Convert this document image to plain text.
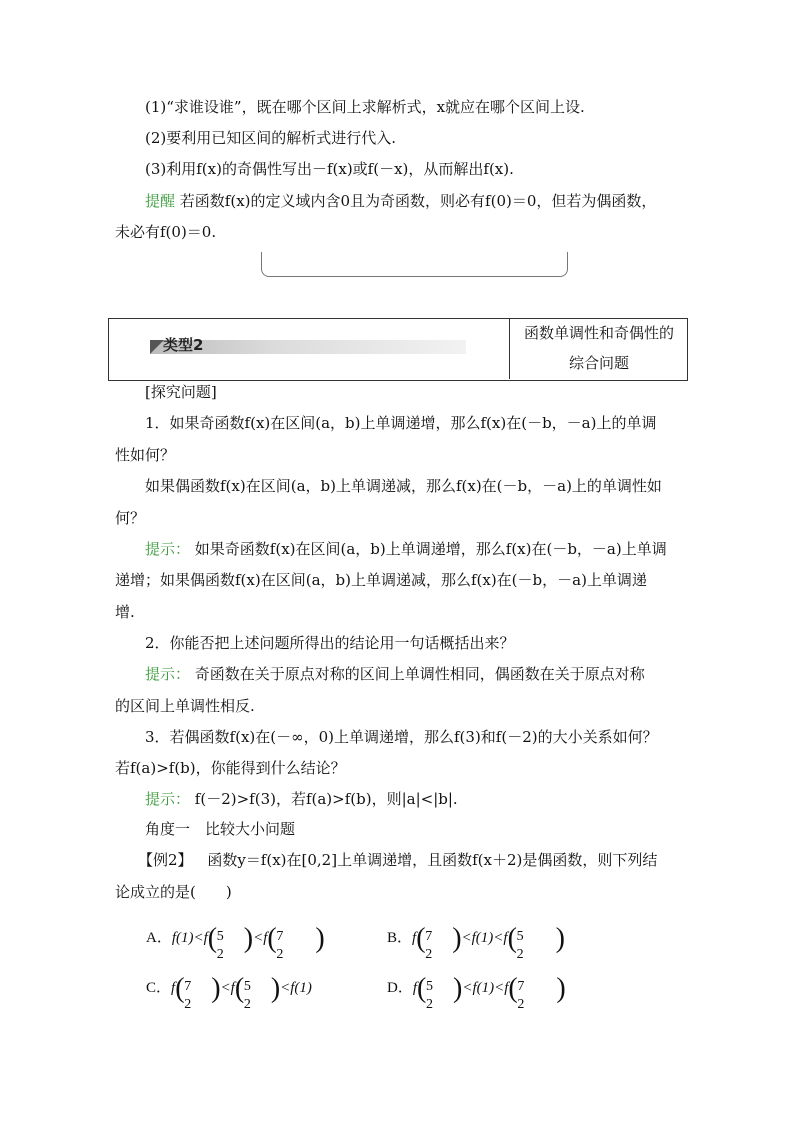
(1)“求谁设谁”，既在哪个区间上求解析式，x就应在哪个区间上设.
(2)要利用已知区间的解析式进行代入.
(3)利用f(x)的奇偶性写出－f(x)或f(－x)，从而解出f(x).
提醒 若函数f(x)的定义域内含0且为奇函数，则必有f(0)＝0，但若为偶函数，
未必有f(0)＝0.
类型2
函数单调性和奇偶性的
综合问题
[探究问题]
1．如果奇函数f(x)在区间(a，b)上单调递增，那么f(x)在(－b，－a)上的单调
性如何？
如果偶函数f(x)在区间(a，b)上单调递减，那么f(x)在(－b，－a)上的单调性如
何？
提示： 如果奇函数f(x)在区间(a，b)上单调递增，那么f(x)在(－b，－a)上单调
递增；如果偶函数f(x)在区间(a，b)上单调递减，那么f(x)在(－b，－a)上单调递
增.
2．你能否把上述问题所得出的结论用一句话概括出来？
提示： 奇函数在关于原点对称的区间上单调性相同，偶函数在关于原点对称
的区间上单调性相反.
3．若偶函数f(x)在(－∞，0)上单调递增，那么f(3)和f(－2)的大小关系如何？
若f(a)>f(b)，你能得到什么结论？
提示： f(－2)>f(3)，若f(a)>f(b)，则|a|<|b|.
角度一　比较大小问题
【例2】 函数y＝f(x)在[0,2]上单调递增，且函数f(x＋2)是偶函数，则下列结
论成立的是(　　)
A．f(1)<f ( 5
2
)<f ( 7
2
)	B．f ( 7
2
)<f(1)<f ( 5
2
)
C．f ( 7
2
)<f ( 5
2
)<f(1)	D．f ( 5
2
)<f(1)<f ( 7
2
)
